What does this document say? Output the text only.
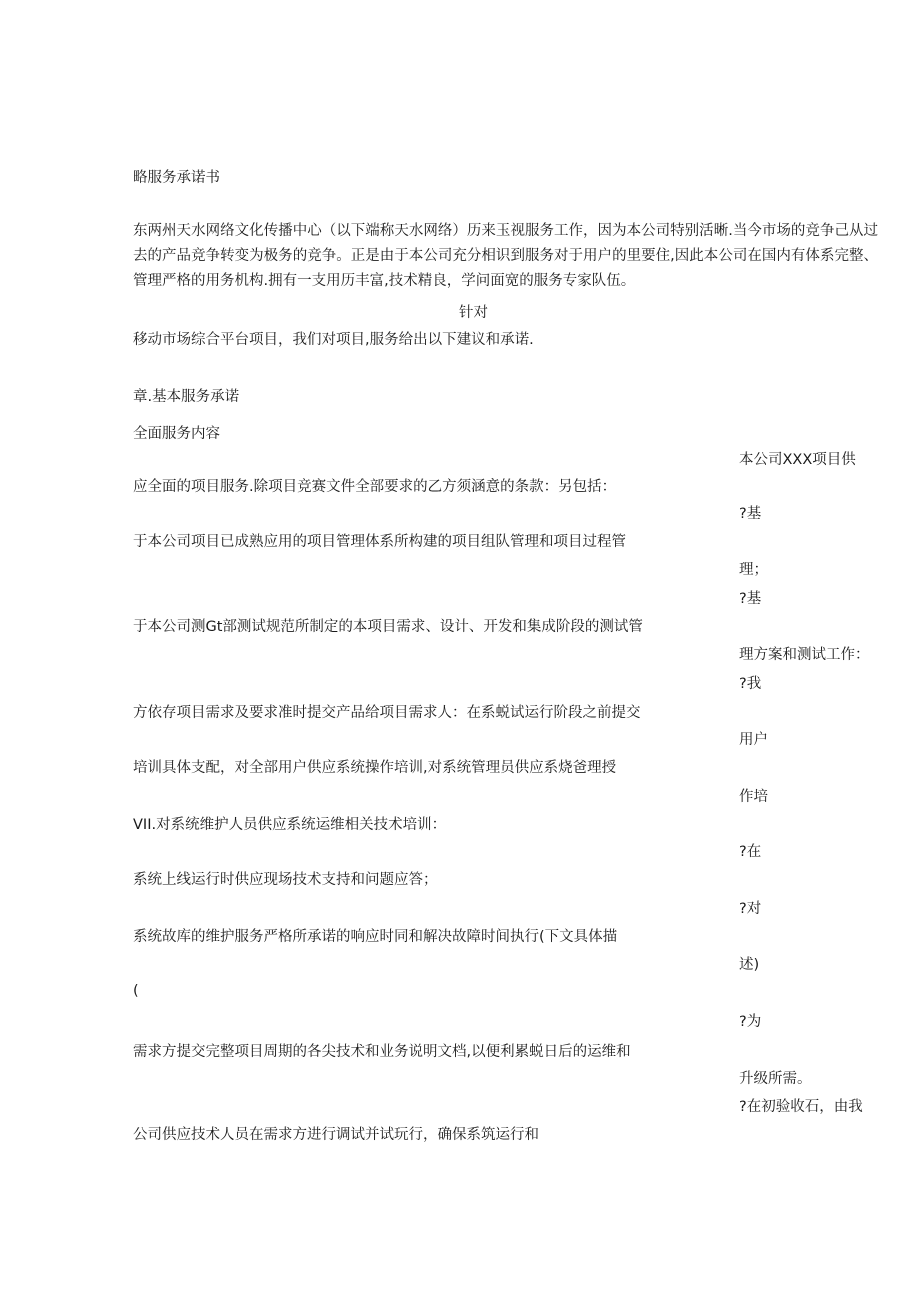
略服务承诺书
东两州天水网络文化传播中心（以下端称天水网络）历来玉视服务工作，因为本公司特别活晰.当今市场的竞争己从过去的产品竞争转变为极务的竞争。正是由于本公司充分相识到服务对于用户的里要住,因此本公司在国内有体系完整、管理严格的用务机构.拥有一支用历丰富,技术精良，学问面宽的服务专家队伍。
针对
移动市场综合平台项目，我们对项目,服务给出以下建议和承诺.
章.基本服务承诺
全面服务内容
应全面的项目服务.除项目竞赛文件全部要求的乙方须涵意的条款：另包括：
于本公司项目已成熟应用的项目管理体系所构建的项目组队管理和项目过程管
于本公司测Gt部测试规范所制定的本项目需求、设计、开发和集成阶段的测试管
方依存项目需求及要求准时提交产品给项目需求人：在系蜕试运行阶段之前提交
培训具体支配，对全部用户供应系统操作培训,对系统管理员供应系烧爸理授
VII.对系统维护人员供应系统运维相关技术培训：
系统上线运行时供应现场技术支持和问题应答；
系统故库的维护服务严格所承诺的响应时同和解决故障时间执行(下文具体描
(
需求方提交完整项目周期的各尖技术和业务说明文档,以便利累蜕日后的运维和
公司供应技术人员在需求方进行调试并试玩行，确保系筑运行和
本公司XXX项目供
?基
理；
?基
理方案和测试工作：
?我
用户
作培
?在
?对
述)
?为
升级所需。
?在初验收石，由我
